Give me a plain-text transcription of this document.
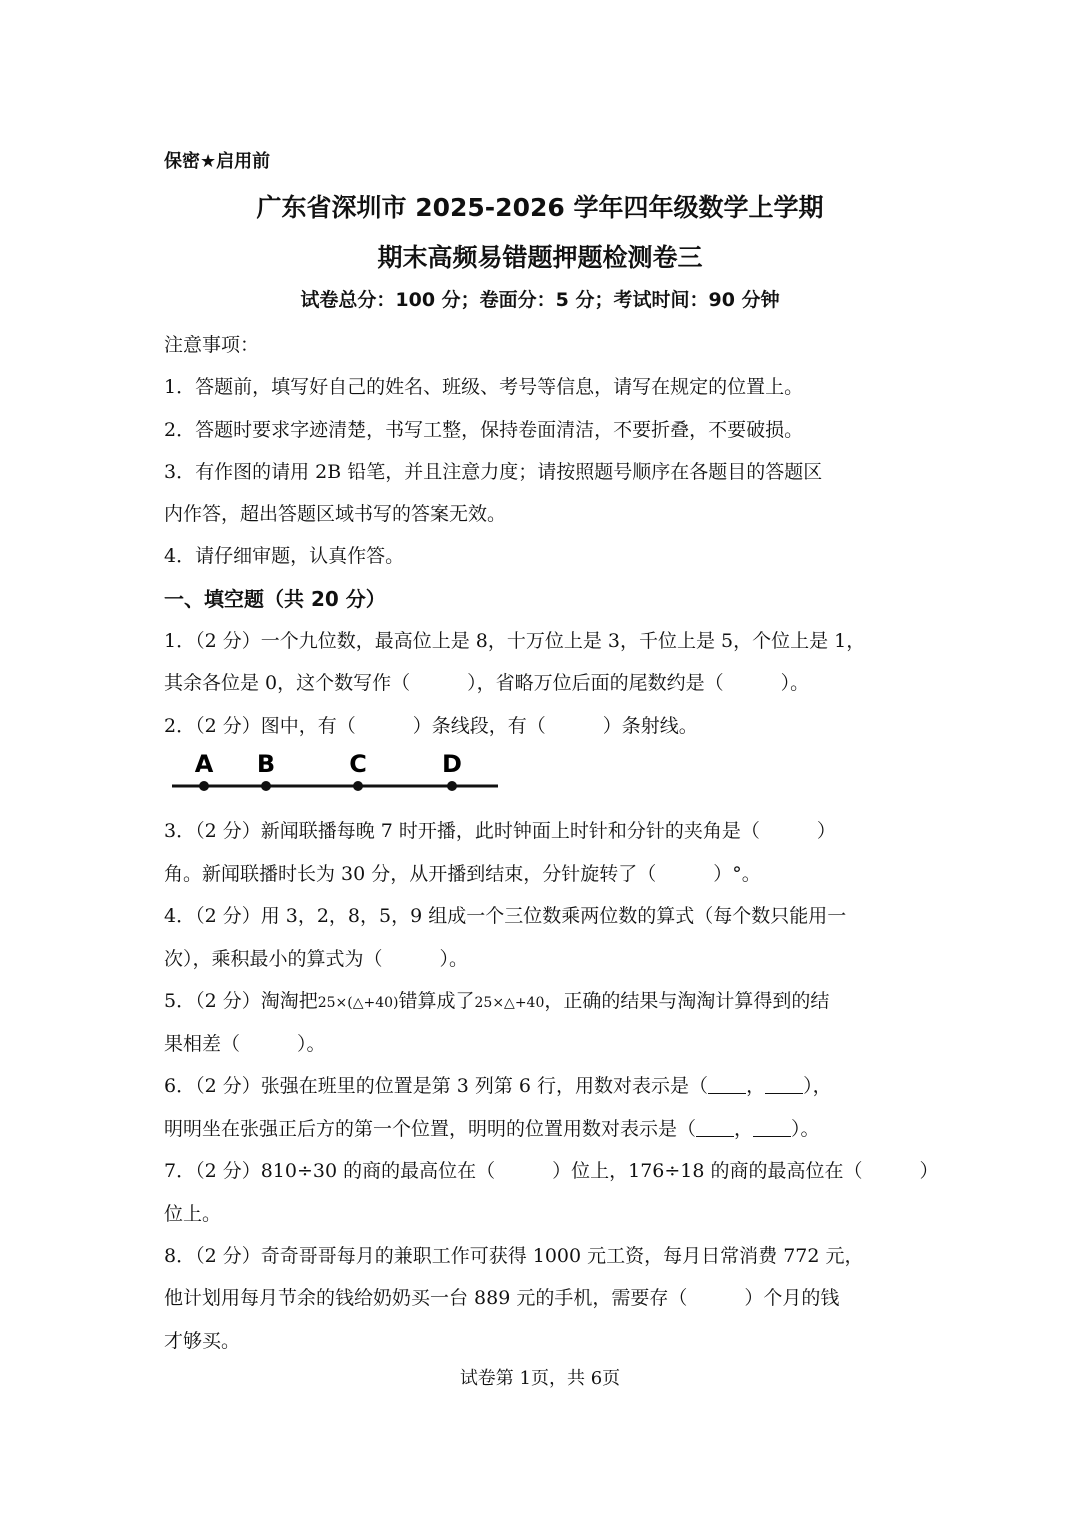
保密★启用前
广东省深圳市 2025-2026 学年四年级数学上学期
期末高频易错题押题检测卷三
试卷总分：100 分；卷面分：5 分；考试时间：90 分钟
注意事项：
1．答题前，填写好自己的姓名、班级、考号等信息，请写在规定的位置上。
2．答题时要求字迹清楚，书写工整，保持卷面清洁，不要折叠，不要破损。
3．有作图的请用 2B 铅笔，并且注意力度；请按照题号顺序在各题目的答题区
内作答，超出答题区域书写的答案无效。
4．请仔细审题，认真作答。
一、填空题（共 20 分）
1．（2 分）一个九位数，最高位上是 8，十万位上是 3，千位上是 5，个位上是 1，
其余各位是 0，这个数写作（　　　），省略万位后面的尾数约是（　　　）。
2．（2 分）图中，有（　　　）条线段，有（　　　）条射线。
A B	C	D
3．（2 分）新闻联播每晚 7 时开播，此时钟面上时针和分针的夹角是（　　　）
角。新闻联播时长为 30 分，从开播到结束，分针旋转了（　　　）°。
4．（2 分）用 3，2，8，5，9 组成一个三位数乘两位数的算式（每个数只能用一
次），乘积最小的算式为（　　　）。
5．（2 分）淘淘把25×(△+40)错算成了25×△+40，正确的结果与淘淘计算得到的结
果相差（　　　）。
6．（2 分）张强在班里的位置是第 3 列第 6 行，用数对表示是（ ， ），
明明坐在张强正后方的第一个位置，明明的位置用数对表示是（ ， ）。
7．（2 分）810÷30 的商的最高位在（　　　）位上，176÷18 的商的最高位在（　　　）
位上。
8．（2 分）奇奇哥哥每月的兼职工作可获得 1000 元工资，每月日常消费 772 元，
他计划用每月节余的钱给奶奶买一台 889 元的手机，需要存（　　　）个月的钱
才够买。
试卷第 1页，共 6页
